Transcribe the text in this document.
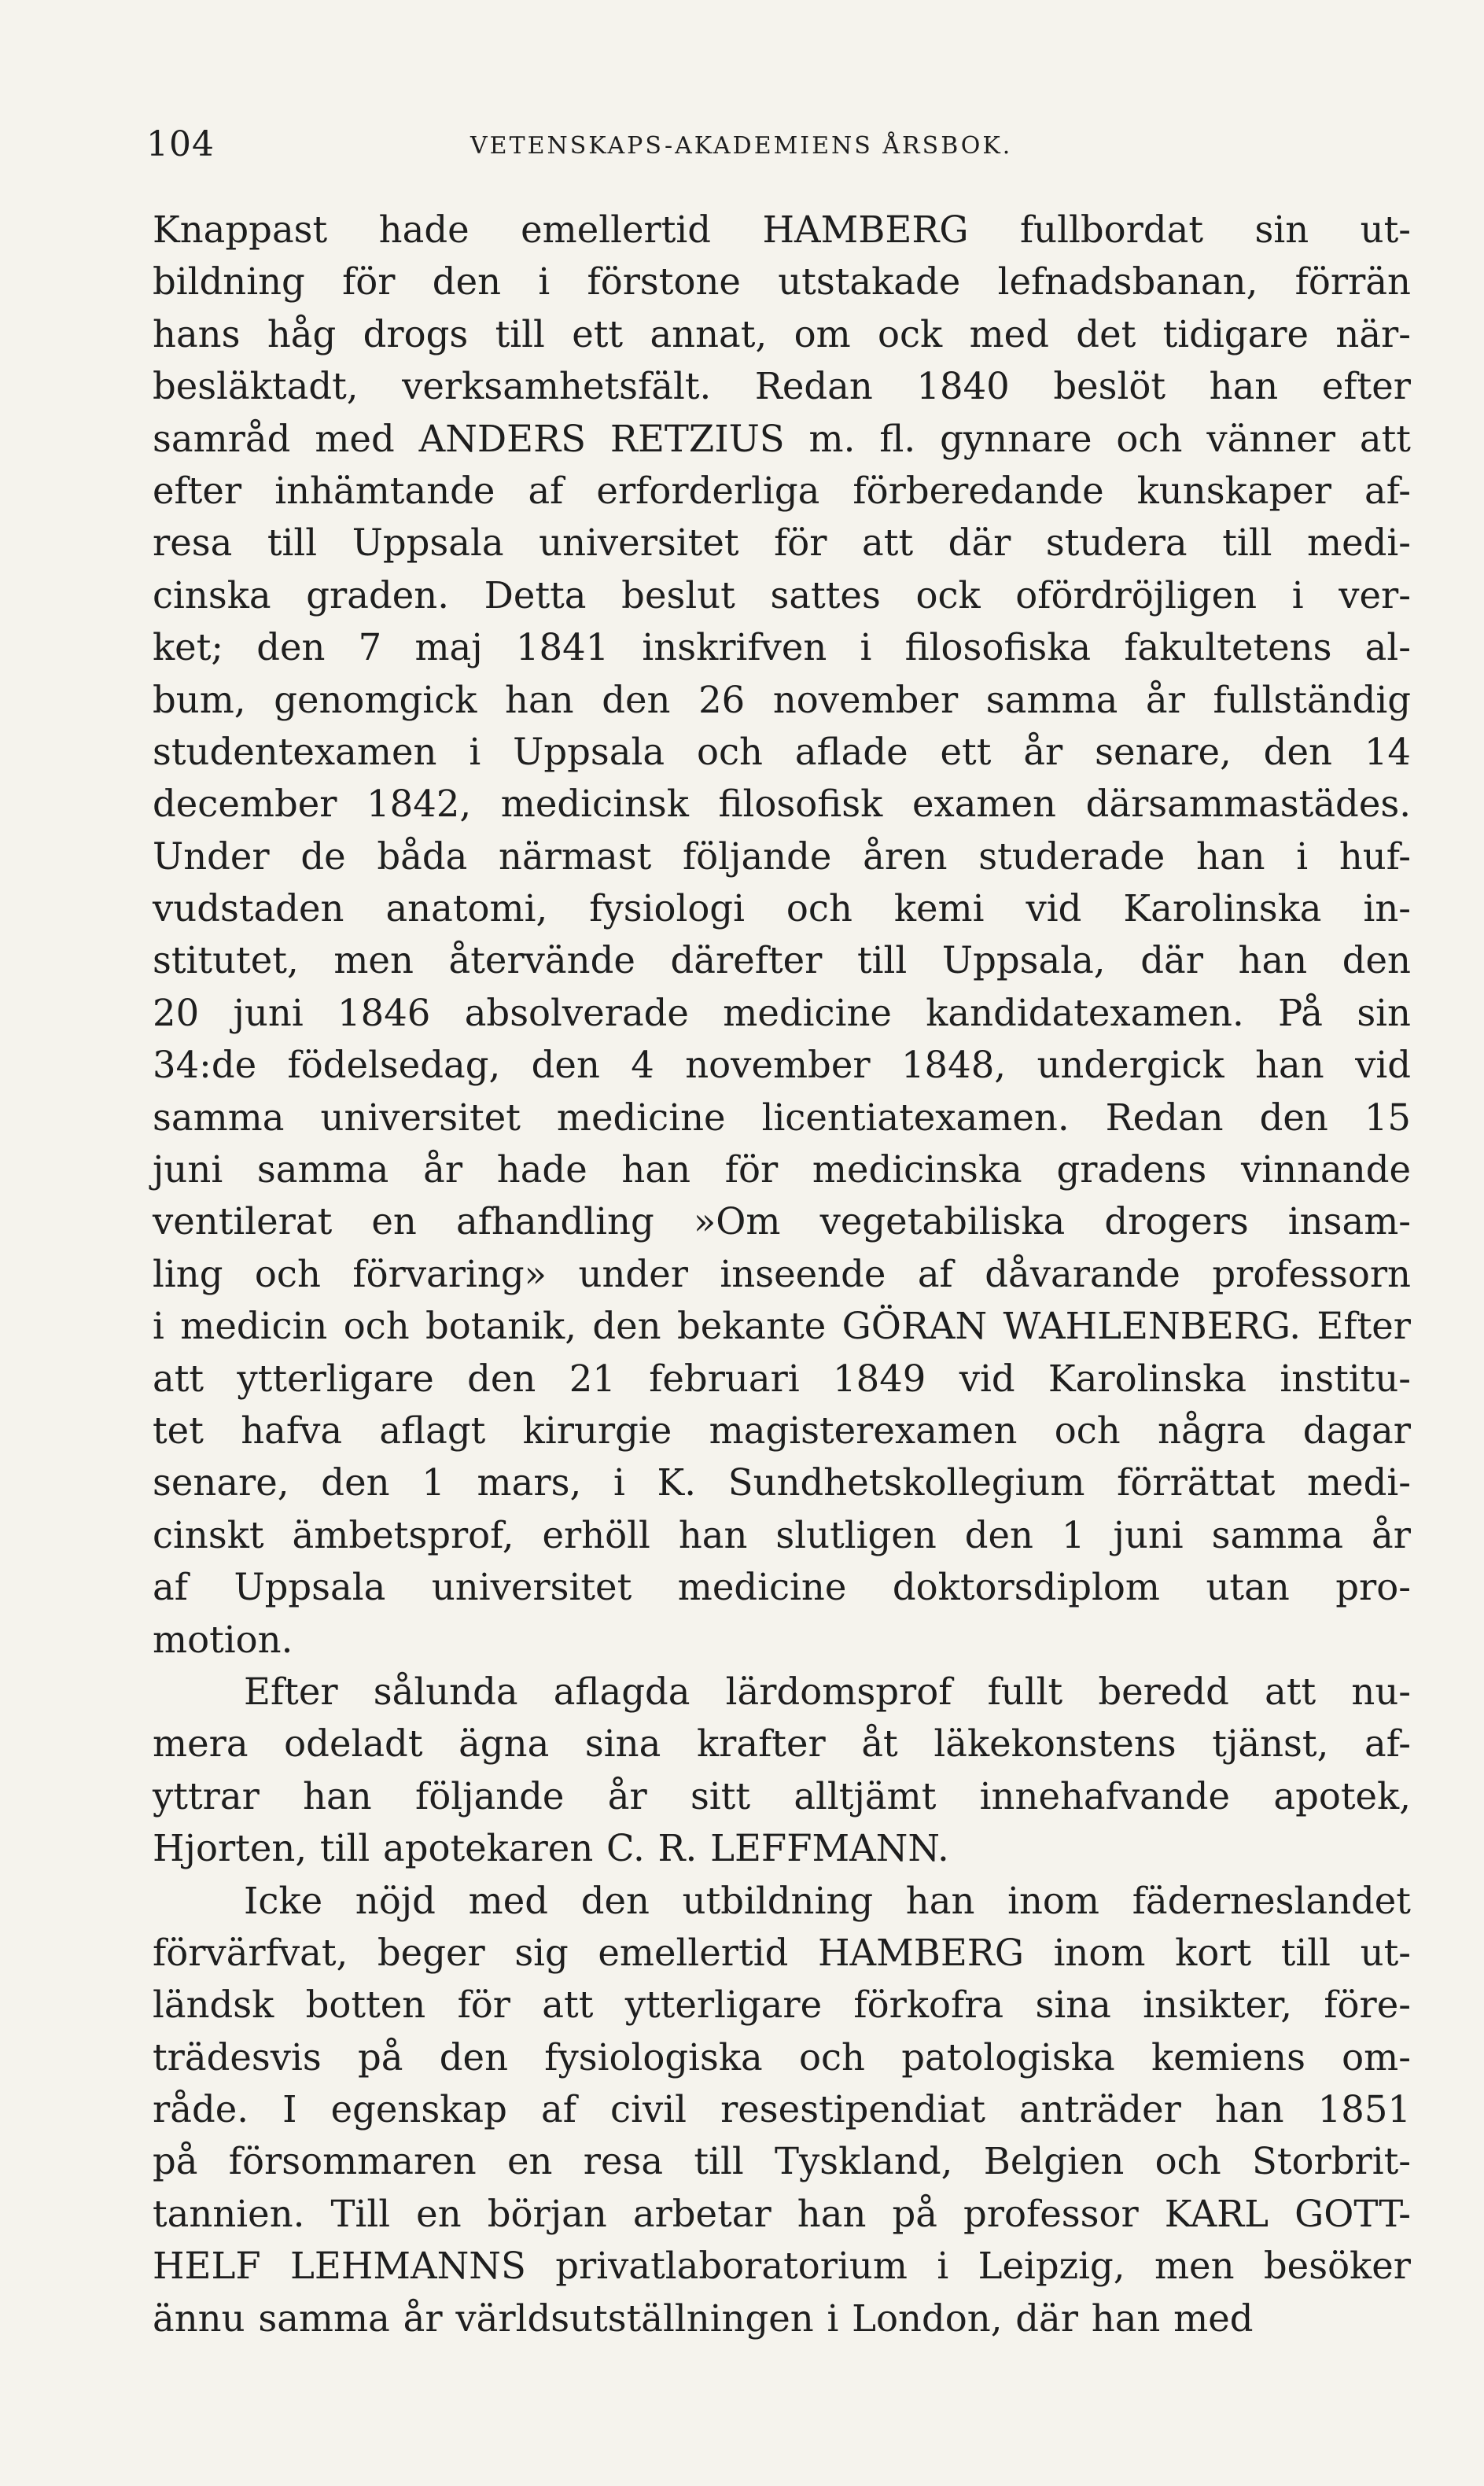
104	VETENSKAPS-AKADEMIENS ÅRSBOK.
Knappast hade emellertid HAMBERG fullbordat sin ut-
bildning för den i förstone utstakade lefnadsbanan, förrän
hans håg drogs till ett annat, om ock med det tidigare när-
besläktadt, verksamhetsfält. Redan 1840 beslöt han efter
samråd med ANDERS RETZIUS m. fl. gynnare och vänner att
efter inhämtande af erforderliga förberedande kunskaper af-
resa till Uppsala universitet för att där studera till medi-
cinska graden. Detta beslut sattes ock ofördröjligen i ver-
ket; den 7 maj 1841 inskrifven i filosofiska fakultetens al-
bum, genomgick han den 26 november samma år fullständig
studentexamen i Uppsala och aflade ett år senare, den 14
december 1842, medicinsk filosofisk examen därsammastädes.
Under de båda närmast följande åren studerade han i huf-
vudstaden anatomi, fysiologi och kemi vid Karolinska in-
stitutet, men återvände därefter till Uppsala, där han den
20 juni 1846 absolverade medicine kandidatexamen. På sin
34:de födelsedag, den 4 november 1848, undergick han vid
samma universitet medicine licentiatexamen. Redan den 15
juni samma år hade han för medicinska gradens vinnande
ventilerat en afhandling »Om vegetabiliska drogers insam-
ling och förvaring» under inseende af dåvarande professorn
i medicin och botanik, den bekante GÖRAN WAHLENBERG. Efter
att ytterligare den 21 februari 1849 vid Karolinska institu-
tet hafva aflagt kirurgie magisterexamen och några dagar
senare, den 1 mars, i K. Sundhetskollegium förrättat medi-
cinskt ämbetsprof, erhöll han slutligen den 1 juni samma år
af Uppsala universitet medicine doktorsdiplom utan pro-
motion.
Efter sålunda aflagda lärdomsprof fullt beredd att nu-
mera odeladt ägna sina krafter åt läkekonstens tjänst, af-
yttrar han följande år sitt alltjämt innehafvande apotek,
Hjorten, till apotekaren C. R. LEFFMANN.
Icke nöjd med den utbildning han inom fäderneslandet
förvärfvat, beger sig emellertid HAMBERG inom kort till ut-
ländsk botten för att ytterligare förkofra sina insikter, före-
trädesvis på den fysiologiska och patologiska kemiens om-
råde. I egenskap af civil resestipendiat anträder han 1851
på försommaren en resa till Tyskland, Belgien och Storbrit-
tannien. Till en början arbetar han på professor KARL GOTT-
HELF LEHMANNS privatlaboratorium i Leipzig, men besöker
ännu samma år världsutställningen i London, där han med
